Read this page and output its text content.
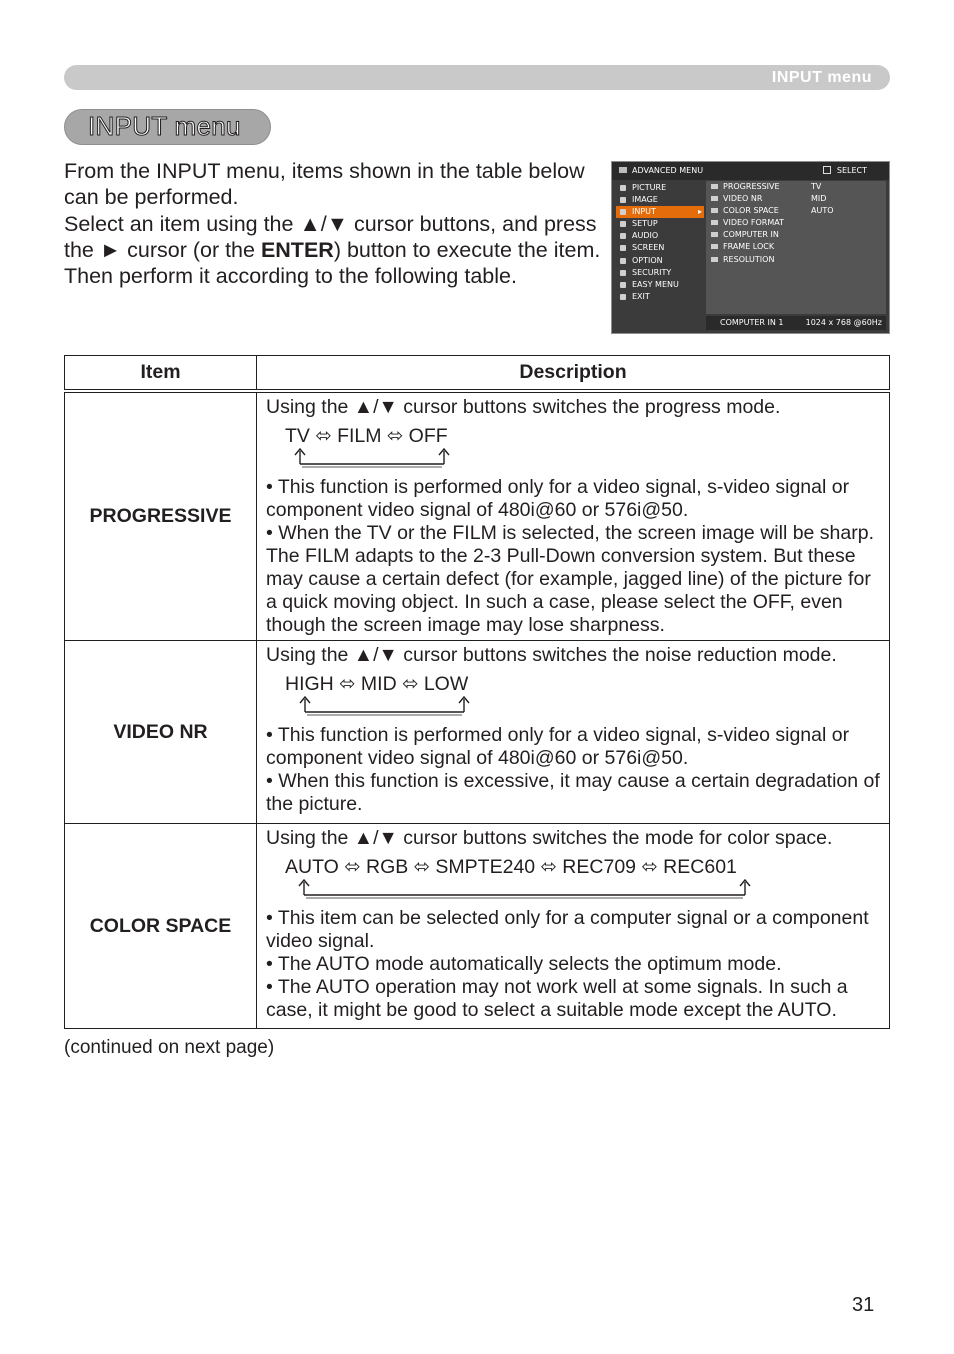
INPUT menu
INPUT menu

From the INPUT menu, items shown in the table below can be performed.

Select an item using the ▲/▼ cursor buttons, and press the ► cursor (or the ENTER) button to execute the item. Then perform it according to the following table.

ADVANCED MENU	SELECT
PICTURE
IMAGE
INPUT ▸
SETUP
AUDIO
SCREEN
OPTION
SECURITY
EASY MENU
EXIT
PROGRESSIVE	TV
VIDEO NR	MID
COLOR SPACE	AUTO
VIDEO FORMAT
COMPUTER IN
FRAME LOCK
RESOLUTION
COMPUTER IN 1	1024 x 768 @60Hz
Item	Description
PROGRESSIVE	Using the ▲/▼ cursor buttons switches the progress mode.

TV ⬄ FILM ⬄ OFF

• This function is performed only for a video signal, s-video signal or component video signal of 480i@60 or 576i@50.

• When the TV or the FILM is selected, the screen image will be sharp. The FILM adapts to the 2-3 Pull-Down conversion system. But these may cause a certain defect (for example, jagged line) of the picture for a quick moving object. In such a case, please select the OFF, even though the screen image may lose sharpness.

VIDEO NR	Using the ▲/▼ cursor buttons switches the noise reduction mode.

HIGH ⬄ MID ⬄ LOW

• This function is performed only for a video signal, s-video signal or component video signal of 480i@60 or 576i@50.

• When this function is excessive, it may cause a certain degradation of the picture.

COLOR SPACE	Using the ▲/▼ cursor buttons switches the mode for color space.

AUTO ⬄ RGB ⬄ SMPTE240 ⬄ REC709 ⬄ REC601

• This item can be selected only for a computer signal or a component video signal.

• The AUTO mode automatically selects the optimum mode.

• The AUTO operation may not work well at some signals. In such a case, it might be good to select a suitable mode except the AUTO.

(continued on next page)
31
